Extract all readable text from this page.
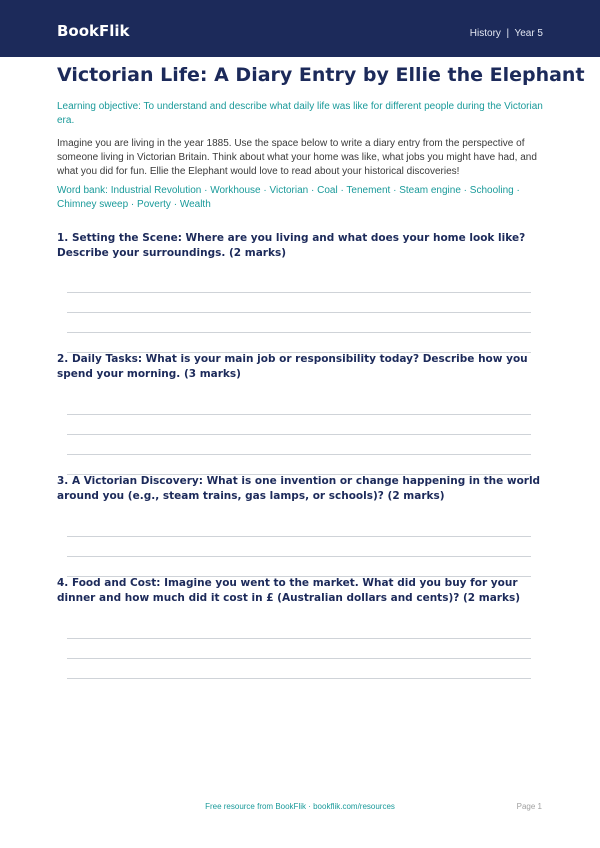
BookFlik	History  |  Year 5
Victorian Life: A Diary Entry by Ellie the Elephant

Learning objective: To understand and describe what daily life was like for different people during the Victorian era.

Imagine you are living in the year 1885. Use the space below to write a diary entry from the perspective of someone living in Victorian Britain. Think about what your home was like, what jobs you might have had, and what you did for fun. Ellie the Elephant would love to read about your historical discoveries!

Word bank: Industrial Revolution · Workhouse · Victorian · Coal · Tenement · Steam engine · Schooling · Chimney sweep · Poverty · Wealth

1. Setting the Scene: Where are you living and what does your home look like? Describe your surroundings. (2 marks)

2. Daily Tasks: What is your main job or responsibility today? Describe how you spend your morning. (3 marks)

3. A Victorian Discovery: What is one invention or change happening in the world around you (e.g., steam trains, gas lamps, or schools)? (2 marks)

4. Food and Cost: Imagine you went to the market. What did you buy for your dinner and how much did it cost in £ (Australian dollars and cents)? (2 marks)

Free resource from BookFlik · bookflik.com/resources	Page 1
